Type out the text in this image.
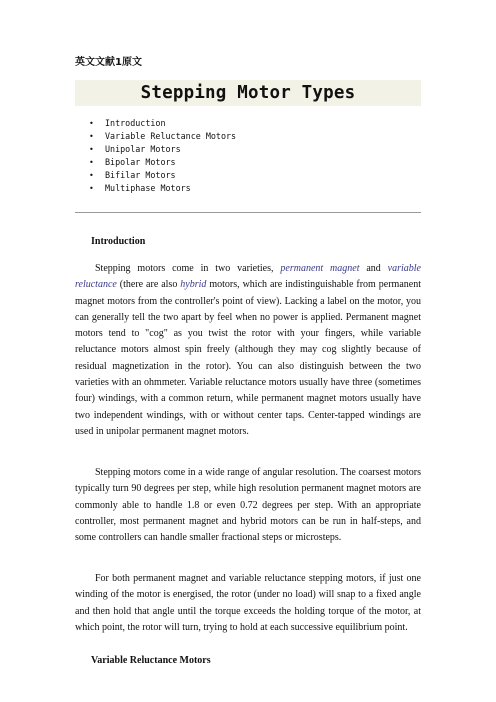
英文文献1原文
Stepping Motor Types
• Introduction
• Variable Reluctance Motors
• Unipolar Motors
• Bipolar Motors
• Bifilar Motors
• Multiphase Motors
Introduction

Stepping motors come in two varieties, permanent magnet and variable reluctance (there are also hybrid motors, which are indistinguishable from permanent magnet motors from the controller's point of view). Lacking a label on the motor, you can generally tell the two apart by feel when no power is applied. Permanent magnet motors tend to "cog" as you twist the rotor with your fingers, while variable reluctance motors almost spin freely (although they may cog slightly because of residual magnetization in the rotor). You can also distinguish between the two varieties with an ohmmeter. Variable reluctance motors usually have three (sometimes four) windings, with a common return, while permanent magnet motors usually have two independent windings, with or without center taps. Center-tapped windings are used in unipolar permanent magnet motors.

Stepping motors come in a wide range of angular resolution. The coarsest motors typically turn 90 degrees per step, while high resolution permanent magnet motors are commonly able to handle 1.8 or even 0.72 degrees per step. With an appropriate controller, most permanent magnet and hybrid motors can be run in half-steps, and some controllers can handle smaller fractional steps or microsteps.

For both permanent magnet and variable reluctance stepping motors, if just one winding of the motor is energised, the rotor (under no load) will snap to a fixed angle and then hold that angle until the torque exceeds the holding torque of the motor, at which point, the rotor will turn, trying to hold at each successive equilibrium point.

Variable Reluctance Motors
